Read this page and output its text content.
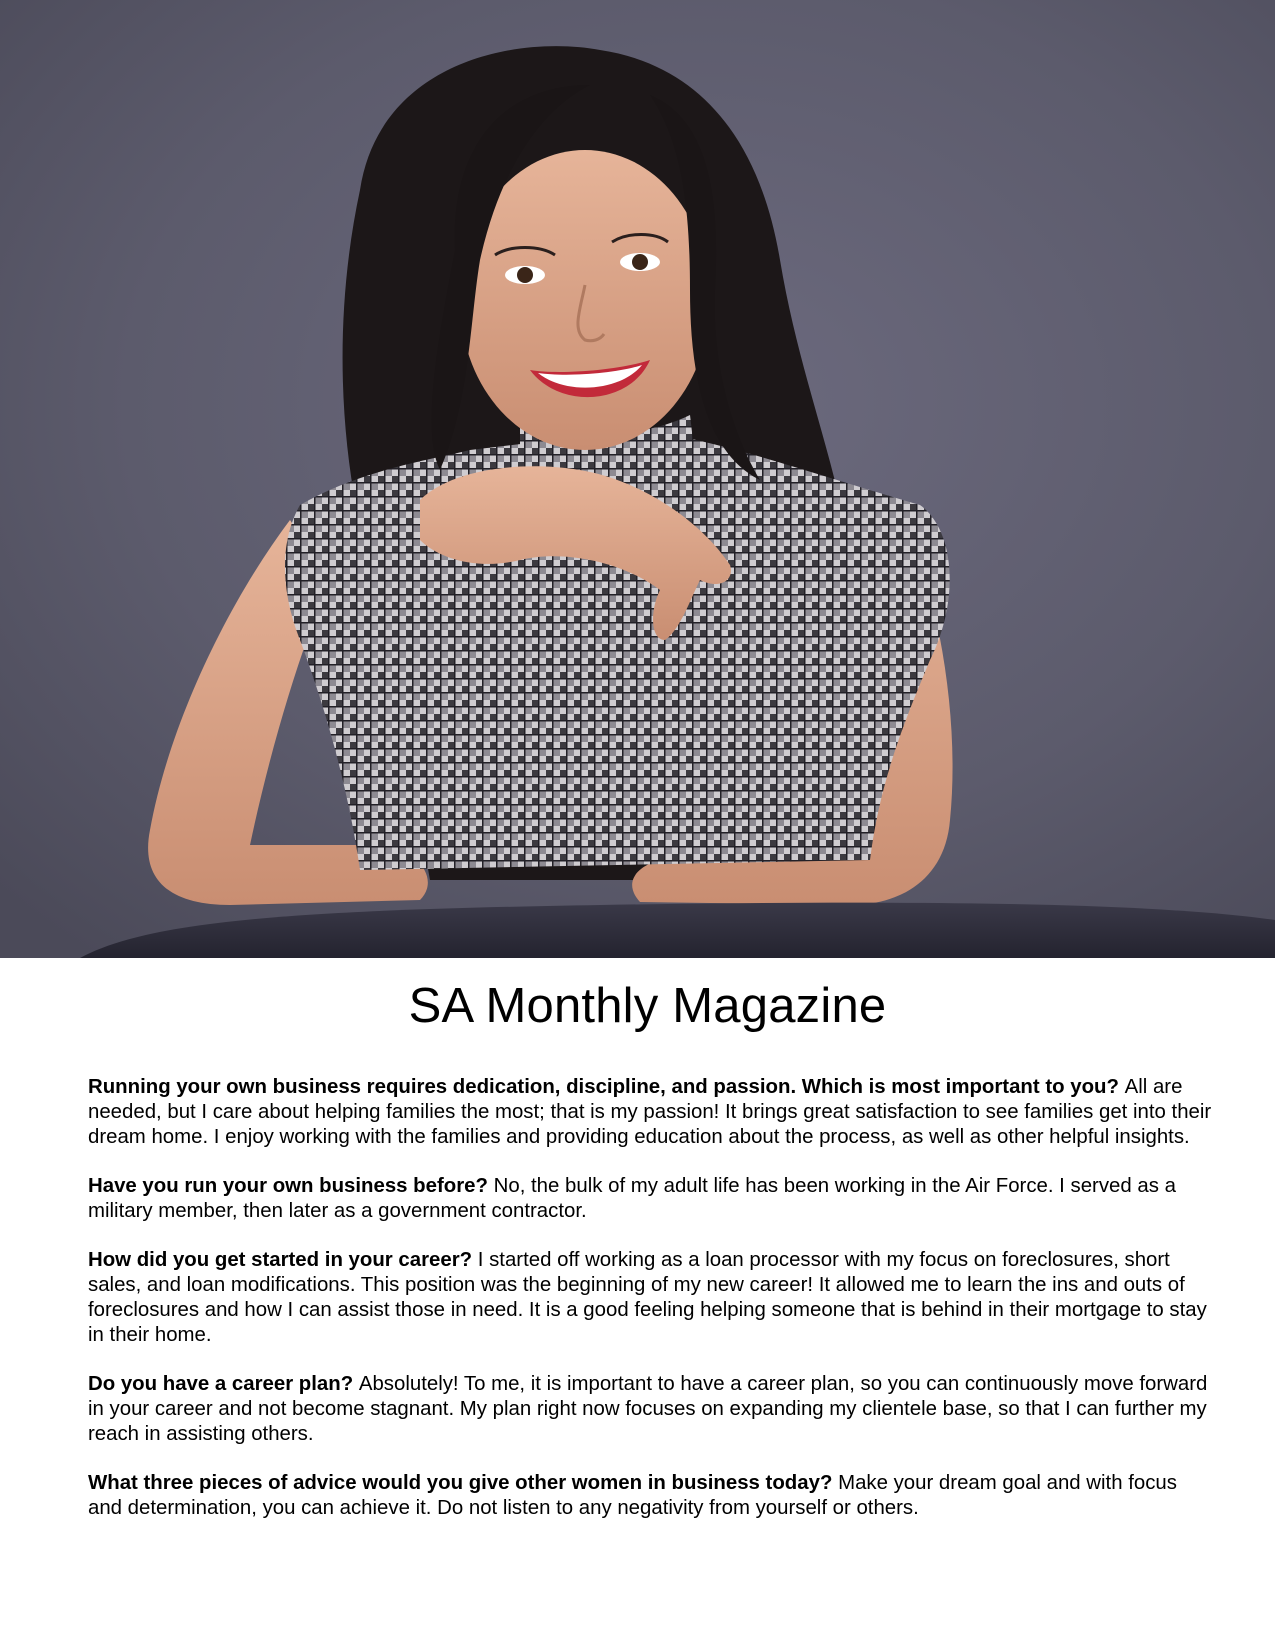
SA Monthly Magazine

Running your own business requires dedication, discipline, and passion. Which is most important to you? All are needed, but I care about helping families the most; that is my passion! It brings great satisfaction to see families get into their dream home. I enjoy working with the families and providing education about the process, as well as other helpful insights.

Have you run your own business before? No, the bulk of my adult life has been working in the Air Force. I served as a military member, then later as a government contractor.

How did you get started in your career? I started off working as a loan processor with my focus on foreclosures, short sales, and loan modifications. This position was the beginning of my new career! It allowed me to learn the ins and outs of foreclosures and how I can assist those in need. It is a good feeling helping someone that is behind in their mortgage to stay in their home.

Do you have a career plan? Absolutely! To me, it is important to have a career plan, so you can continuously move forward in your career and not become stagnant. My plan right now focuses on expanding my clientele base, so that I can further my reach in assisting others.

What three pieces of advice would you give other women in business today? Make your dream goal and with focus and determination, you can achieve it. Do not listen to any negativity from yourself or others.
